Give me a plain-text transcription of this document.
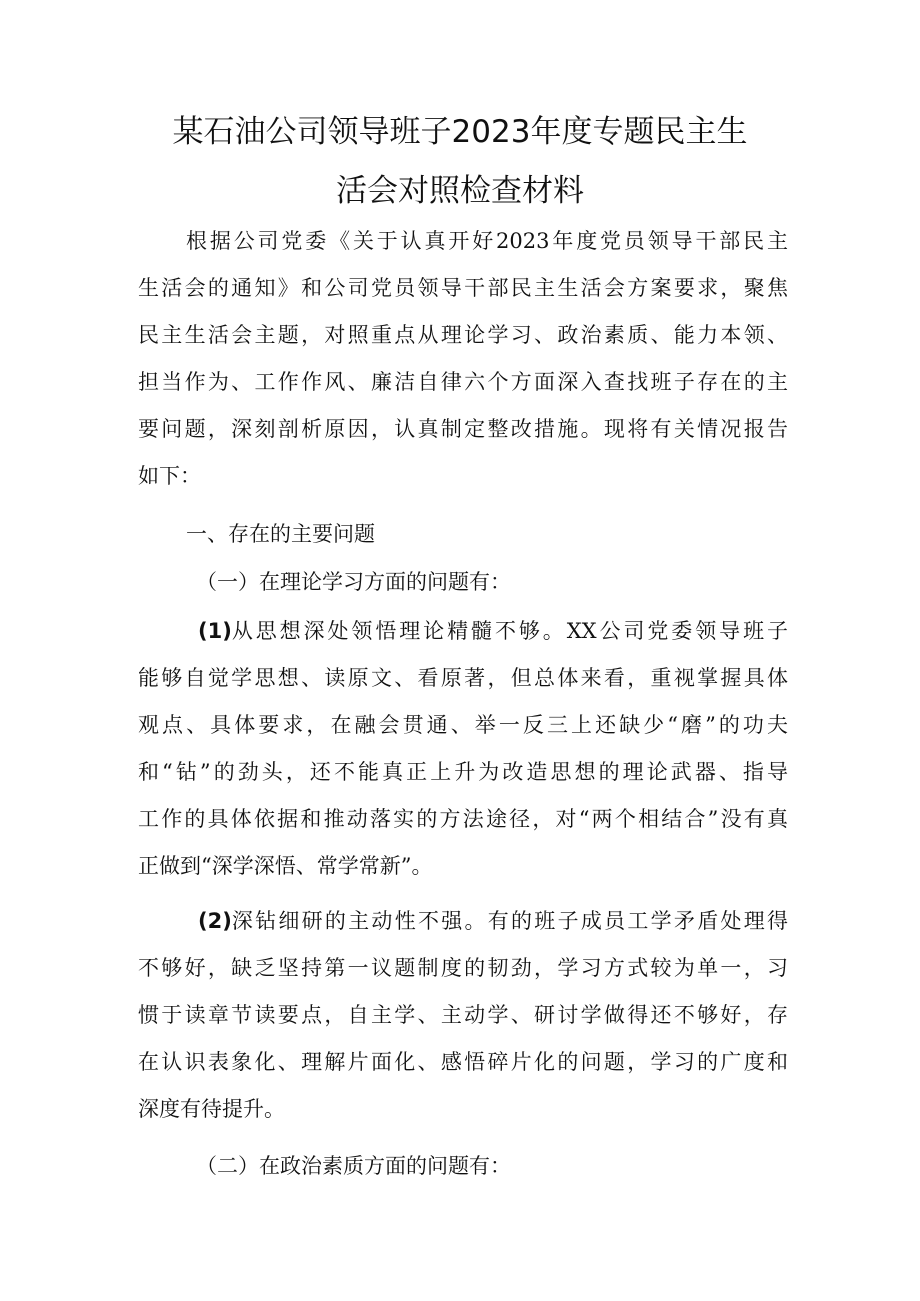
某石油公司领导班子2023年度专题民主生
活会对照检查材料
根据公司党委《关于认真开好2023年度党员领导干部民主
生活会的通知》和公司党员领导干部民主生活会方案要求，聚焦
民主生活会主题，对照重点从理论学习、政治素质、能力本领、
担当作为、工作作风、廉洁自律六个方面深入查找班子存在的主
要问题，深刻剖析原因，认真制定整改措施。现将有关情况报告
如下：
一、存在的主要问题
（一）在理论学习方面的问题有：
(1) 从思想深处领悟理论精髓不够。XX公司党委领导班子
能够自觉学思想、读原文、看原著，但总体来看，重视掌握具体
观点、具体要求，在融会贯通、举一反三上还缺少“磨”的功夫
和“钻”的劲头，还不能真正上升为改造思想的理论武器、指导
工作的具体依据和推动落实的方法途径，对“两个相结合”没有真
正做到“深学深悟、常学常新”。
(2) 深钻细研的主动性不强。有的班子成员工学矛盾处理得
不够好，缺乏坚持第一议题制度的韧劲，学习方式较为单一，习
惯于读章节读要点，自主学、主动学、研讨学做得还不够好，存
在认识表象化、理解片面化、感悟碎片化的问题，学习的广度和
深度有待提升。
（二）在政治素质方面的问题有：
